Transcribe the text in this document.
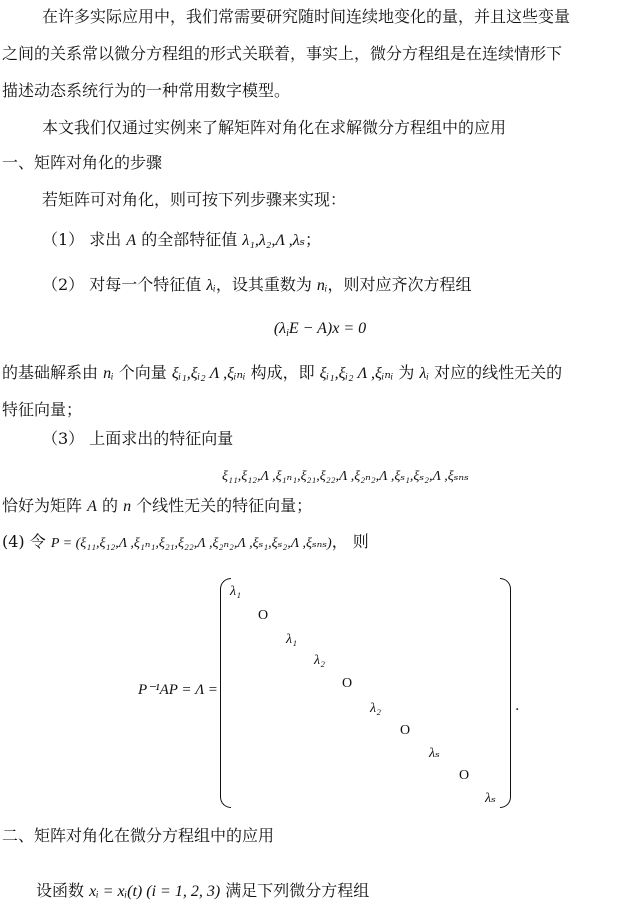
在许多实际应用中，我们常需要研究随时间连续地变化的量，并且这些变量
之间的关系常以微分方程组的形式关联着，事实上，微分方程组是在连续情形下
描述动态系统行为的一种常用数字模型。
本文我们仅通过实例来了解矩阵对角化在求解微分方程组中的应用
一、矩阵对角化的步骤
若矩阵可对角化，则可按下列步骤来实现：
（1） 求出 A 的全部特征值 λ₁,λ₂,Λ ,λₛ；
（2） 对每一个特征值 λᵢ，设其重数为 nᵢ，则对应齐次方程组
$(\lambda_iE - A)x = 0$
的基础解系由 nᵢ 个向量 ξᵢ₁,ξᵢ₂ Λ ,ξᵢₙᵢ 构成，即 ξᵢ₁,ξᵢ₂ Λ ,ξᵢₙᵢ 为 λᵢ 对应的线性无关的
特征向量；
（3） 上面求出的特征向量
ξ₁₁,ξ₁₂,Λ ,ξ₁ₙ₁,ξ₂₁,ξ₂₂,Λ ,ξ₂ₙ₂,Λ ,ξₛ₁,ξₛ₂,Λ ,ξₛₙₛ
恰好为矩阵 A 的 n 个线性无关的特征向量；
(4) 令 P = (ξ₁₁,ξ₁₂,Λ ,ξ₁ₙ₁,ξ₂₁,ξ₂₂,Λ ,ξ₂ₙ₂,Λ ,ξₛ₁,ξₛ₂,Λ ,ξₛₙₛ)， 则
P⁻¹AP = Λ =
λ₁
O
λ₁
λ₂
O
λ₂
O
λₛ
O
λₛ
.
二、矩阵对角化在微分方程组中的应用
设函数 xᵢ = xᵢ(t) (i = 1, 2, 3) 满足下列微分方程组
